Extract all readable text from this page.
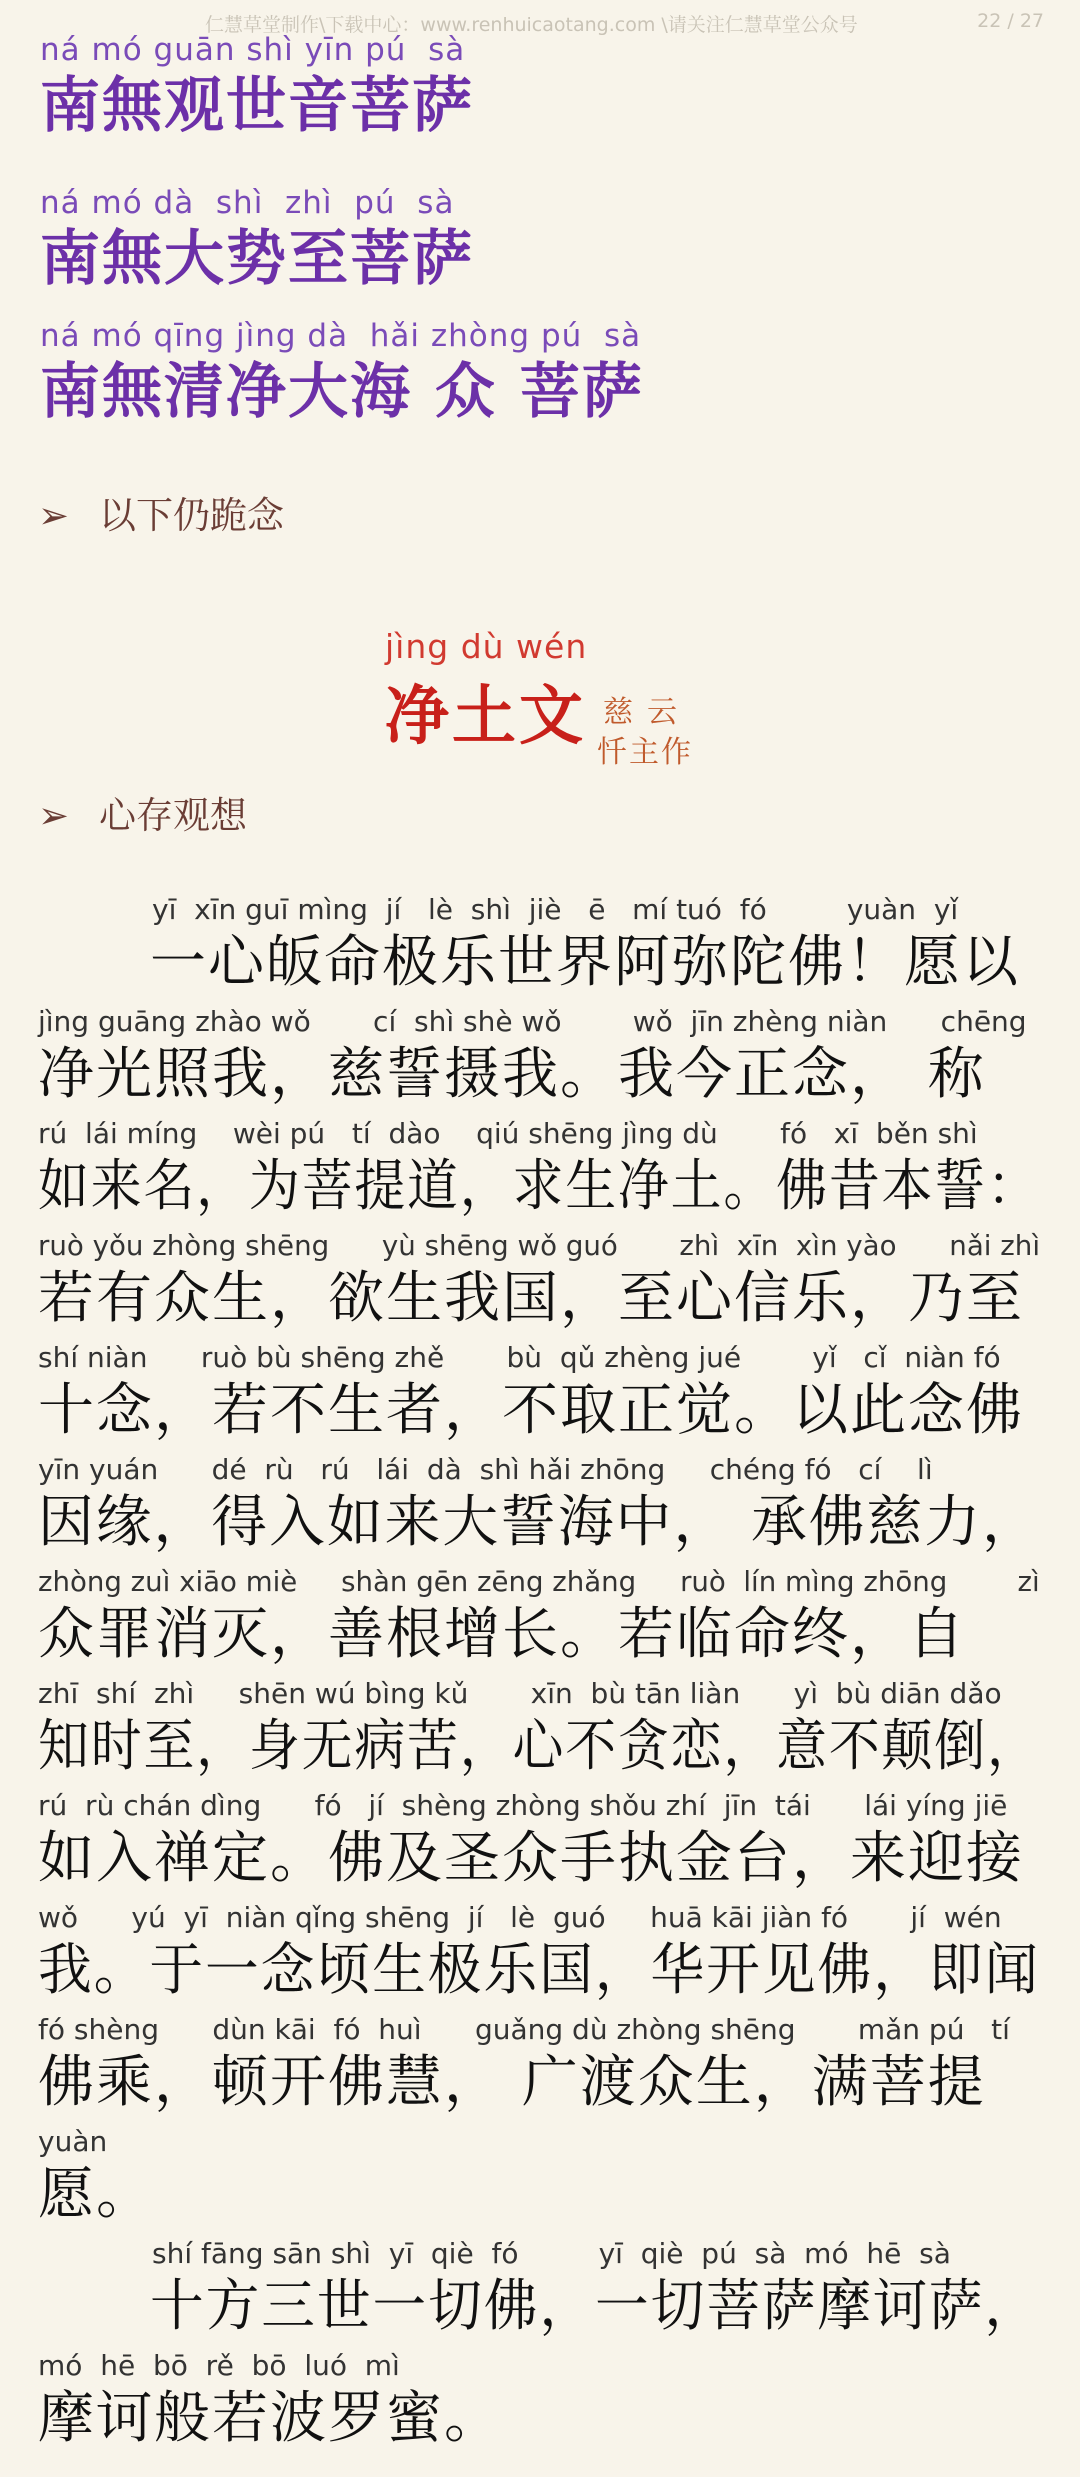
仁慧草堂制作\下载中心：www.renhuicaotang.com \请关注仁慧草堂公众号	22 / 27
ná mó guān shì yīn pú  sà
南無观世音菩萨
ná mó dà  shì  zhì  pú  sà
南無大势至菩萨
ná mó qīng jìng dà  hǎi zhòng pú  sà
南無清净大海 众 菩萨
➢ 以下仍跪念
jìng dù wén
净土文 慈云
忏主作
➢ 心存观想
yī  xīn guī mìng  jí   lè  shì  jiè   ē   mí tuó  fó         yuàn  yǐ
一心皈命极乐世界阿弥陀佛！愿以
jìng guāng zhào wǒ       cí  shì shè wǒ        wǒ  jīn zhèng niàn      chēng
净光照我，慈誓摄我。我今正念， 称
rú  lái míng    wèi pú   tí  dào    qiú shēng jìng dù       fó   xī  běn shì
如来名，为菩提道，求生净土。佛昔本誓：
ruò yǒu zhòng shēng      yù shēng wǒ guó       zhì  xīn  xìn yào      nǎi zhì
若有众生，欲生我国，至心信乐，乃至
shí niàn      ruò bù shēng zhě       bù  qǔ zhèng jué        yǐ   cǐ  niàn fó
十念，若不生者，不取正觉。以此念佛
yīn yuán      dé  rù   rú   lái  dà  shì hǎi zhōng     chéng fó   cí    lì
因缘，得入如来大誓海中， 承佛慈力，
zhòng zuì xiāo miè     shàn gēn zēng zhǎng     ruò  lín mìng zhōng        zì
众罪消灭，善根增长。若临命终，自
zhī  shí  zhì     shēn wú bìng kǔ       xīn  bù tān liàn      yì  bù diān dǎo
知时至，身无病苦，心不贪恋，意不颠倒，
rú  rù chán dìng      fó   jí  shèng zhòng shǒu zhí  jīn  tái      lái yíng jiē
如入禅定。佛及圣众手执金台，来迎接
wǒ      yú  yī  niàn qǐng shēng  jí   lè  guó     huā kāi jiàn fó       jí  wén
我。于一念顷生极乐国，华开见佛，即闻
fó shèng      dùn kāi  fó  huì      guǎng dù zhòng shēng       mǎn pú   tí
佛乘，顿开佛慧， 广渡众生，满菩提
yuàn
愿。
shí fāng sān shì  yī  qiè  fó         yī  qiè  pú  sà  mó  hē  sà
十方三世一切佛，一切菩萨摩诃萨，
mó  hē  bō  rě  bō  luó  mì
摩诃般若波罗蜜。
